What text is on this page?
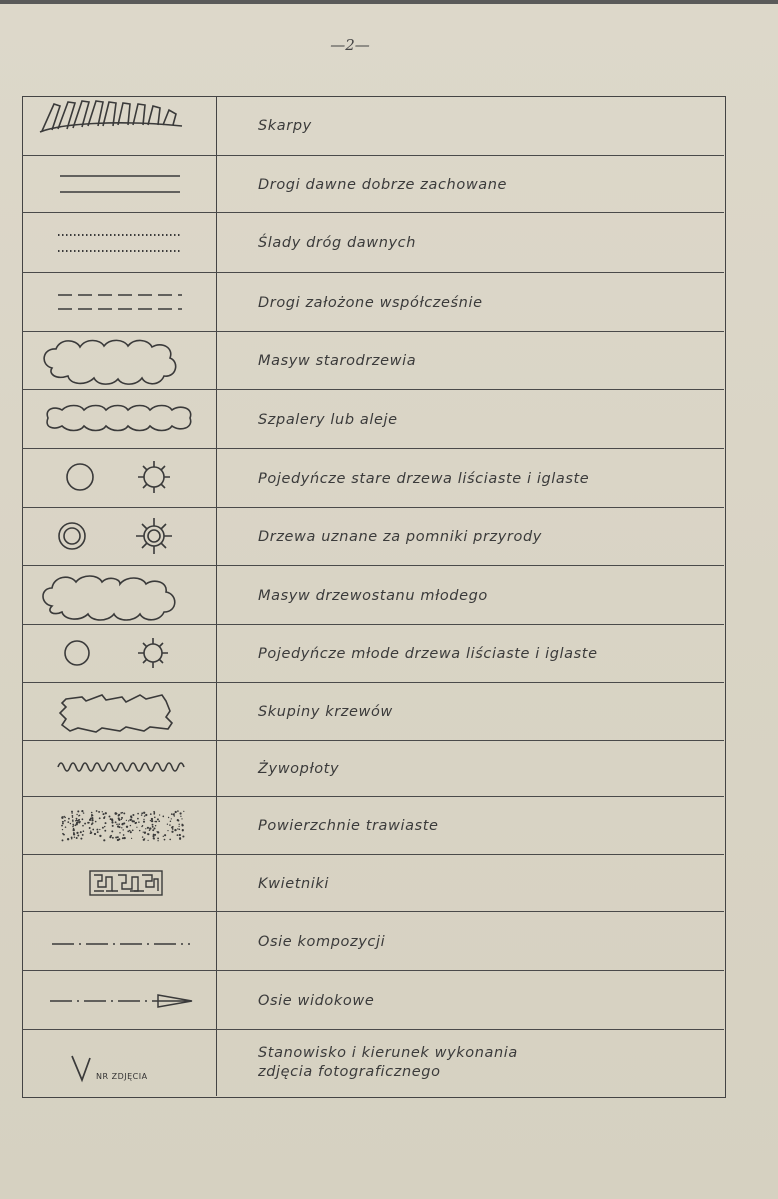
—2—
Skarpy
Drogi dawne dobrze zachowane
Ślady dróg dawnych
Drogi założone współcześnie
Masyw starodrzewia
Szpalery lub aleje
Pojedyńcze stare drzewa liściaste i iglaste
Drzewa uznane za pomniki przyrody
Masyw drzewostanu młodego
Pojedyńcze młode drzewa liściaste i iglaste
Skupiny krzewów
Żywopłoty
Powierzchnie trawiaste
Kwietniki
Osie kompozycji
Osie widokowe
NR ZDJĘCIA
Stanowisko i kierunek wykonania
zdjęcia fotograficznego
